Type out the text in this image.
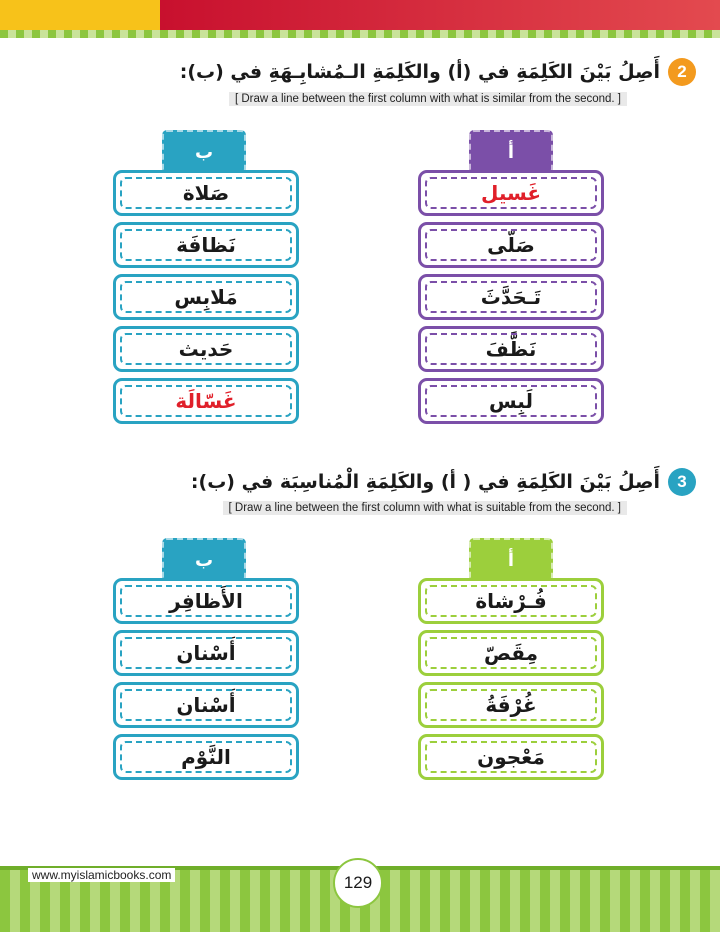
2
أَصِلُ بَيْنَ الكَلِمَةِ في (أ) والكَلِمَةِ الـمُشابِـهَةِ في (ب):
[ Draw a line between the first column with what is similar from the second. ]
ب	أ
صَلاة
نَظافَة
مَلابِس
حَديث
غَسّالَة
غَسيل
صَلّى
تَـحَدَّثَ
نَظَّفَ
لَبِس
3
أَصِلُ بَيْنَ الكَلِمَةِ في ( أ) والكَلِمَةِ الْمُناسِبَة في (ب):
[ Draw a line between the first column with what is suitable from the second. ]
ب	أ
الأَظافِر
أَسْنان
أَسْنان
النَّوْم
فُـرْشاة
مِقَصّ
غُرْفَةُ
مَعْجون
www.myislamicbooks.com	129
